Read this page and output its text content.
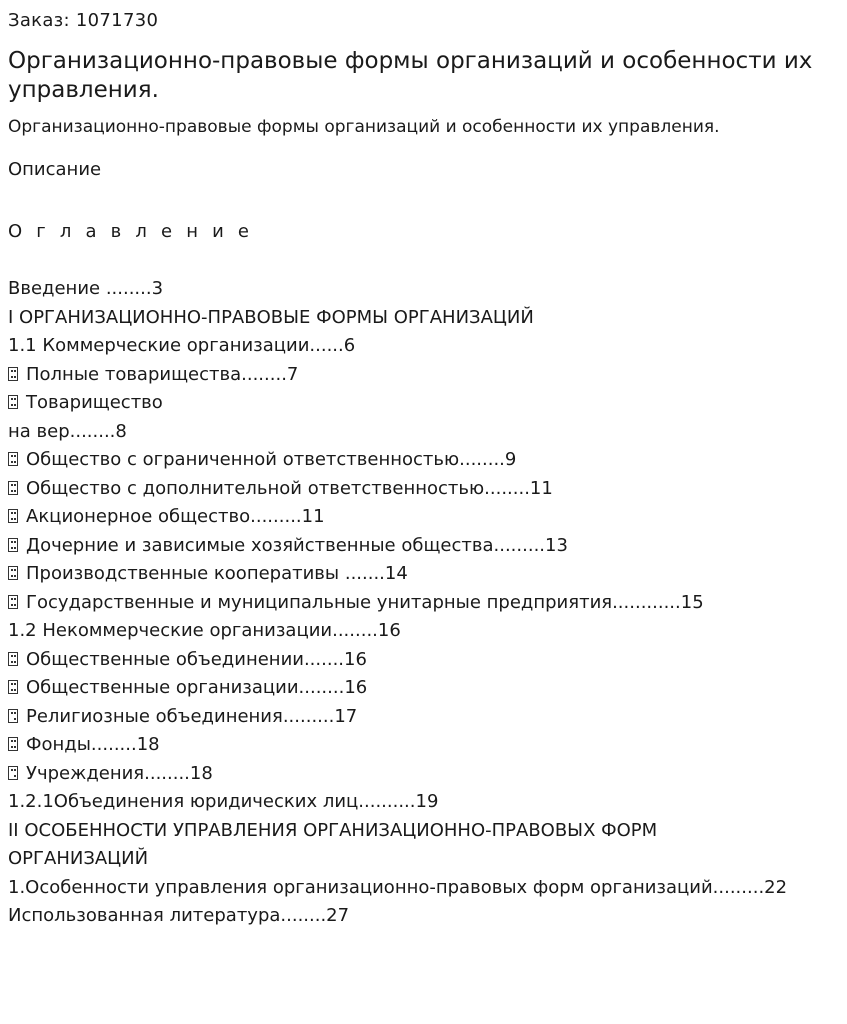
Заказ: 1071730
Организационно-правовые формы организаций и особенности их управления.
Организационно-правовые формы организаций и особенности их управления.
Описание
О г л а в л е н и е
Введение ........3
I ОРГАНИЗАЦИОННО-ПРАВОВЫЕ ФОРМЫ ОРГАНИЗАЦИЙ
1.1 Коммерческие организации......6
Полные товарищества........7
Товарищество
на вер........8
Общество с ограниченной ответственностью........9
Общество с дополнительной ответственностью........11
Акционерное общество.........11
Дочерние и зависимые хозяйственные общества.........13
Производственные кооперативы .......14
Государственные и муниципальные унитарные предприятия............15
1.2 Некоммерческие организации........16
Общественные объединении.......16
Общественные организации........16
Религиозные объединения.........17
Фонды........18
Учреждения........18
1.2.1Объединения юридических лиц..........19
II ОСОБЕННОСТИ УПРАВЛЕНИЯ ОРГАНИЗАЦИОННО-ПРАВОВЫХ ФОРМ
ОРГАНИЗАЦИЙ
1.Особенности управления организационно-правовых форм организаций.........22
Использованная литература........27
